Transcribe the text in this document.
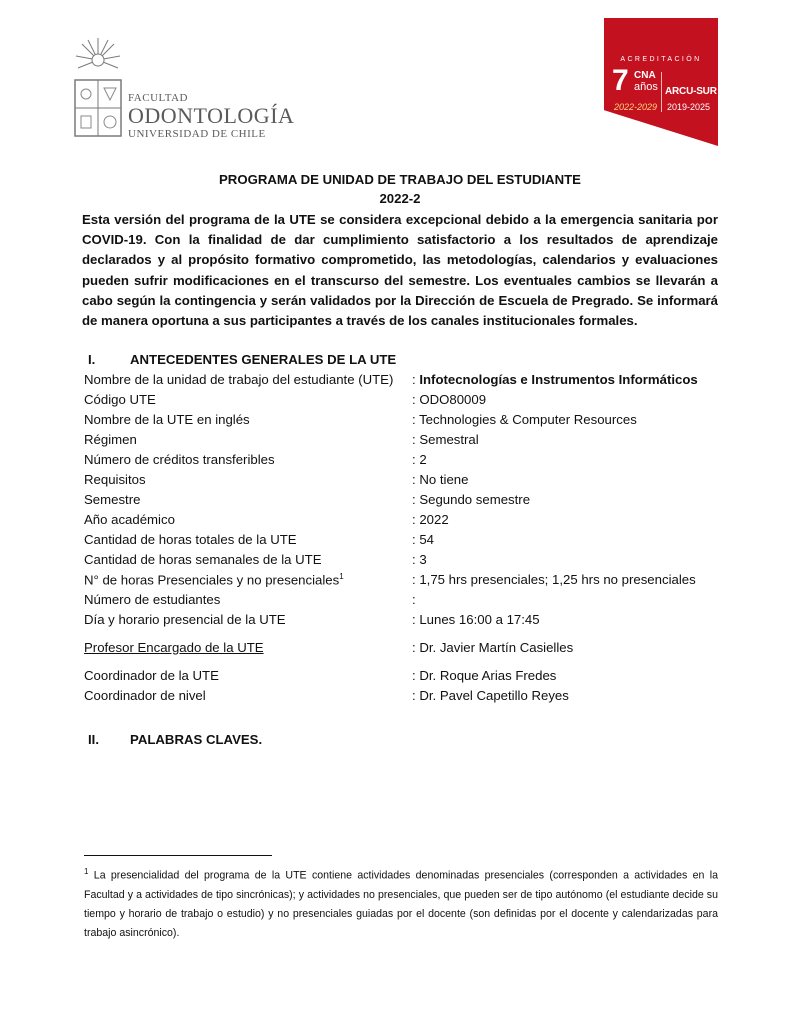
FACULTAD
ODONTOLOGÍA
UNIVERSIDAD DE CHILE
ACREDITACIÓN
7 CNA
años ARCU-SUR
2022-2029 2019-2025
PROGRAMA DE UNIDAD DE TRABAJO DEL ESTUDIANTE
2022-2
Esta versión del programa de la UTE se considera excepcional debido a la emergencia sanitaria por COVID-19. Con la finalidad de dar cumplimiento satisfactorio a los resultados de aprendizaje declarados y al propósito formativo comprometido, las metodologías, calendarios y evaluaciones pueden sufrir modificaciones en el transcurso del semestre. Los eventuales cambios se llevarán a cabo según la contingencia y serán validados por la Dirección de Escuela de Pregrado. Se informará de manera oportuna a sus participantes a través de los canales institucionales formales.
I.	ANTECEDENTES GENERALES DE LA UTE
Nombre de la unidad de trabajo del estudiante (UTE) : Infotecnologías e Instrumentos Informáticos
Código UTE	: ODO80009
Nombre de la UTE en inglés	: Technologies & Computer Resources
Régimen	: Semestral
Número de créditos transferibles	: 2
Requisitos	: No tiene
Semestre	: Segundo semestre
Año académico	: 2022
Cantidad de horas totales de la UTE	: 54
Cantidad de horas semanales de la UTE	: 3
N° de horas Presenciales y no presenciales$^1$	: 1,75 hrs presenciales; 1,25 hrs no presenciales
Número de estudiantes	:
Día y horario presencial de la UTE	: Lunes 16:00 a 17:45
Profesor Encargado de la UTE	: Dr. Javier Martín Casielles
Coordinador de la UTE	: Dr. Roque Arias Fredes
Coordinador de nivel	: Dr. Pavel Capetillo Reyes
II. PALABRAS CLAVES.
$^1$ La presencialidad del programa de la UTE contiene actividades denominadas presenciales (corresponden a actividades en la Facultad y a actividades de tipo sincrónicas); y actividades no presenciales, que pueden ser de tipo autónomo (el estudiante decide su tiempo y horario de trabajo o estudio) y no presenciales guiadas por el docente (son definidas por el docente y calendarizadas para trabajo asincrónico).
